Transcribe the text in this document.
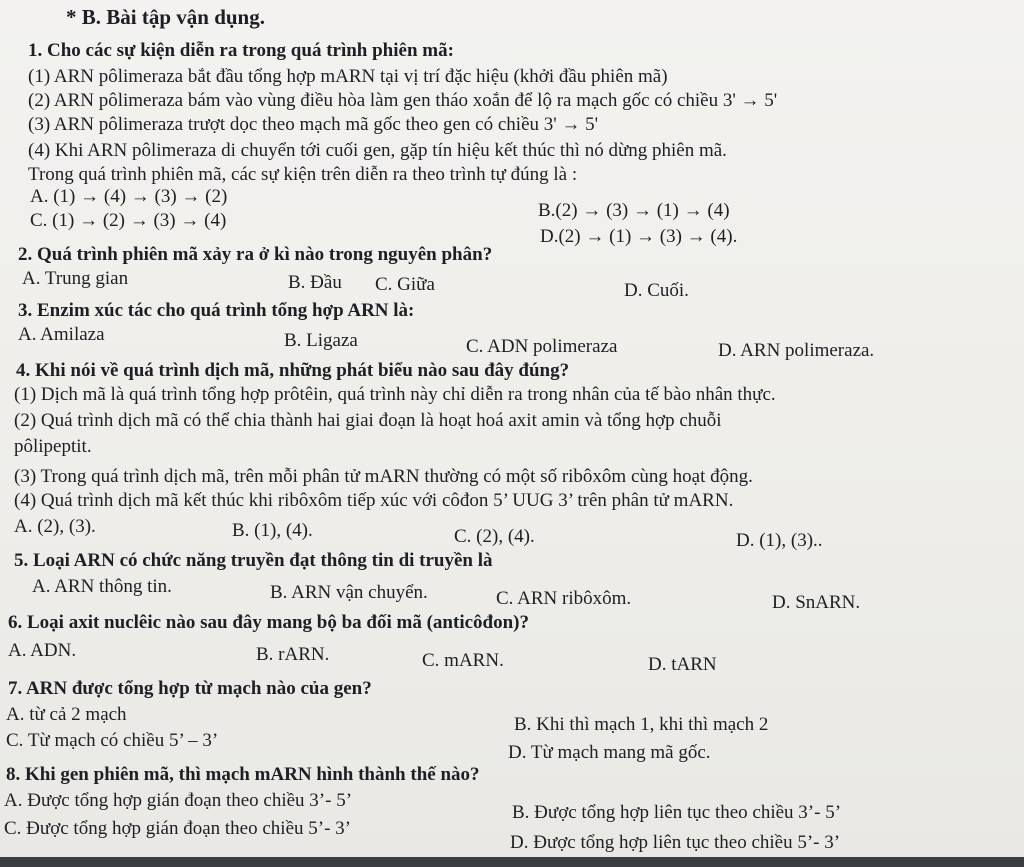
* B. Bài tập vận dụng.
1. Cho các sự kiện diễn ra trong quá trình phiên mã:
(1) ARN pôlimeraza bắt đầu tổng hợp mARN tại vị trí đặc hiệu (khởi đầu phiên mã)
(2) ARN pôlimeraza bám vào vùng điều hòa làm gen tháo xoắn để lộ ra mạch gốc có chiều 3' → 5'
(3) ARN pôlimeraza trượt dọc theo mạch mã gốc theo gen có chiều 3' → 5'
(4) Khi ARN pôlimeraza di chuyển tới cuối gen, gặp tín hiệu kết thúc thì nó dừng phiên mã.
Trong quá trình phiên mã, các sự kiện trên diễn ra theo trình tự đúng là :
A. (1) → (4) → (3) → (2)
B.(2) → (3) → (1) → (4)
C. (1) → (2) → (3) → (4)
D.(2) → (1) → (3) → (4).
2. Quá trình phiên mã xảy ra ở kì nào trong nguyên phân?
A. Trung gian	B. Đầu C. Giữa	D. Cuối.
3. Enzim xúc tác cho quá trình tổng hợp ARN là:
A. Amilaza	B. Ligaza	C. ADN polimeraza	D. ARN polimeraza.
4. Khi nói về quá trình dịch mã, những phát biểu nào sau đây đúng?
(1) Dịch mã là quá trình tổng hợp prôtêin, quá trình này chỉ diễn ra trong nhân của tế bào nhân thực.
(2) Quá trình dịch mã có thể chia thành hai giai đoạn là hoạt hoá axit amin và tổng hợp chuỗi
pôlipeptit.
(3) Trong quá trình dịch mã, trên mỗi phân tử mARN thường có một số ribôxôm cùng hoạt động.
(4) Quá trình dịch mã kết thúc khi ribôxôm tiếp xúc với côđon 5’ UUG 3’ trên phân tử mARN.
A. (2), (3).	B. (1), (4).	C. (2), (4).	D. (1), (3)..
5. Loại ARN có chức năng truyền đạt thông tin di truyền là
A. ARN thông tin.	B. ARN vận chuyển.	C. ARN ribôxôm.	D. SnARN.
6. Loại axit nuclêic nào sau đây mang bộ ba đối mã (anticôđon)?
A. ADN.	B. rARN.	C. mARN.	D. tARN
7. ARN được tổng hợp từ mạch nào của gen?
A. từ cả 2 mạch	B. Khi thì mạch 1, khi thì mạch 2
C. Từ mạch có chiều 5’ – 3’
D. Từ mạch mang mã gốc.
8. Khi gen phiên mã, thì mạch mARN hình thành thế nào?
A. Được tổng hợp gián đoạn theo chiều 3’- 5’
B. Được tổng hợp liên tục theo chiều 3’- 5’
C. Được tổng hợp gián đoạn theo chiều 5’- 3’
D. Được tổng hợp liên tục theo chiều 5’- 3’
